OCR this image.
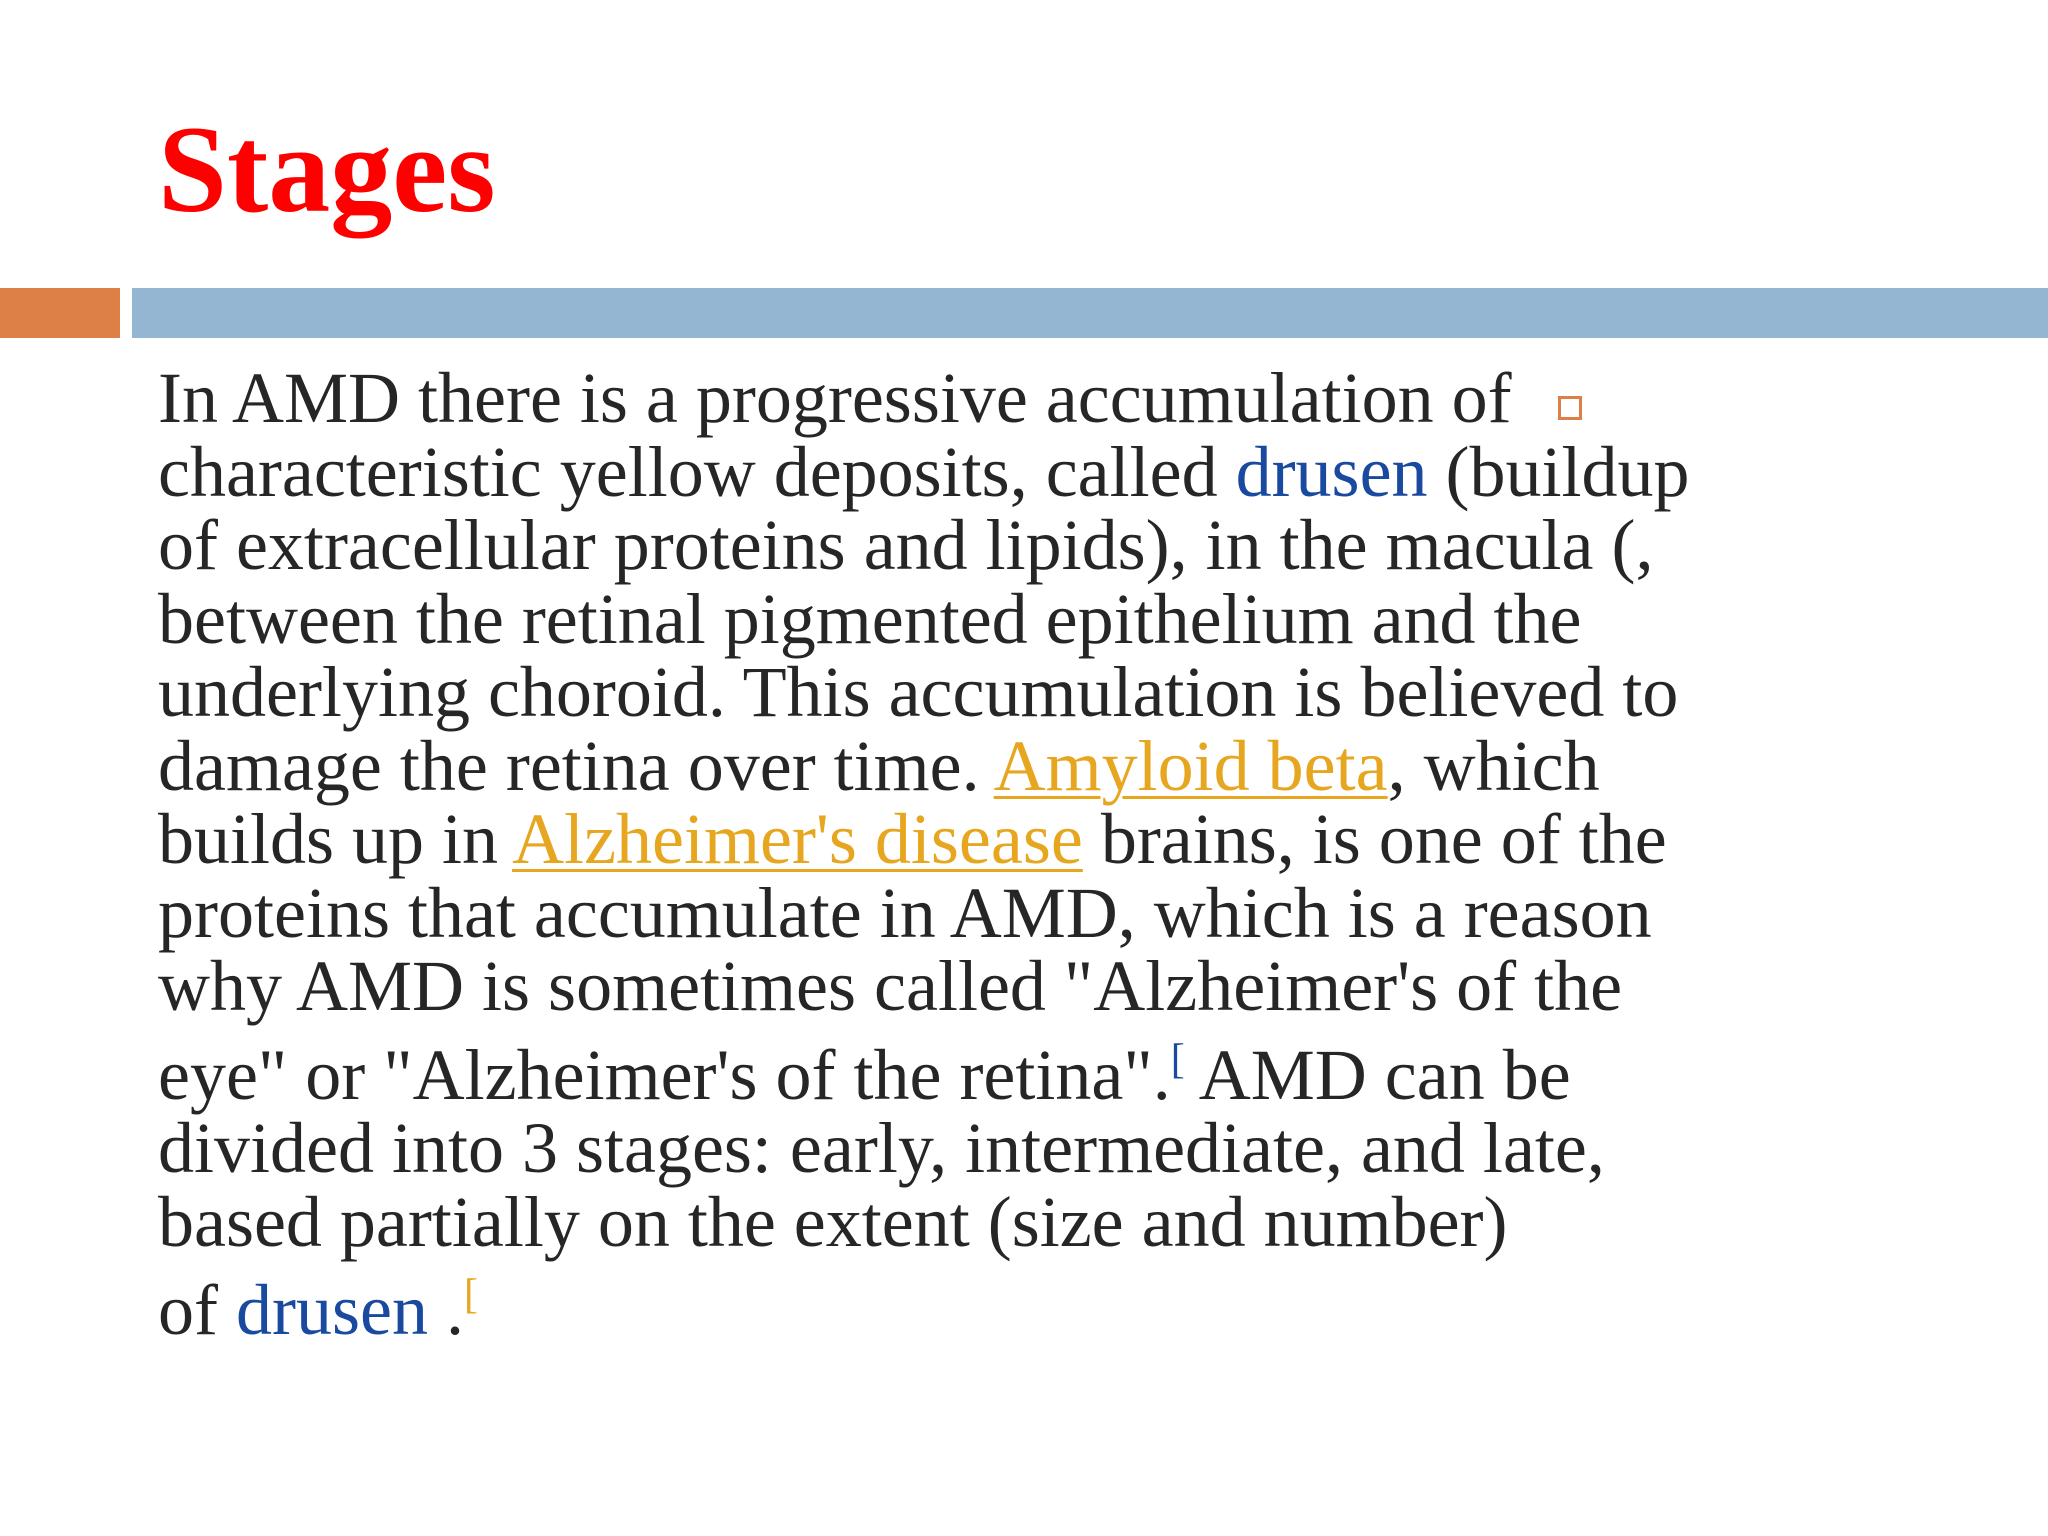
Stages
In AMD there is a progressive accumulation of
characteristic yellow deposits, called drusen (buildup
of extracellular proteins and lipids), in the macula (,
between the retinal pigmented epithelium and the
underlying choroid. This accumulation is believed to
damage the retina over time. Amyloid beta, which
builds up in Alzheimer's disease brains, is one of the
proteins that accumulate in AMD, which is a reason
why AMD is sometimes called "Alzheimer's of the
eye" or "Alzheimer's of the retina".[ AMD can be
divided into 3 stages: early, intermediate, and late,
based partially on the extent (size and number)
of drusen .[
